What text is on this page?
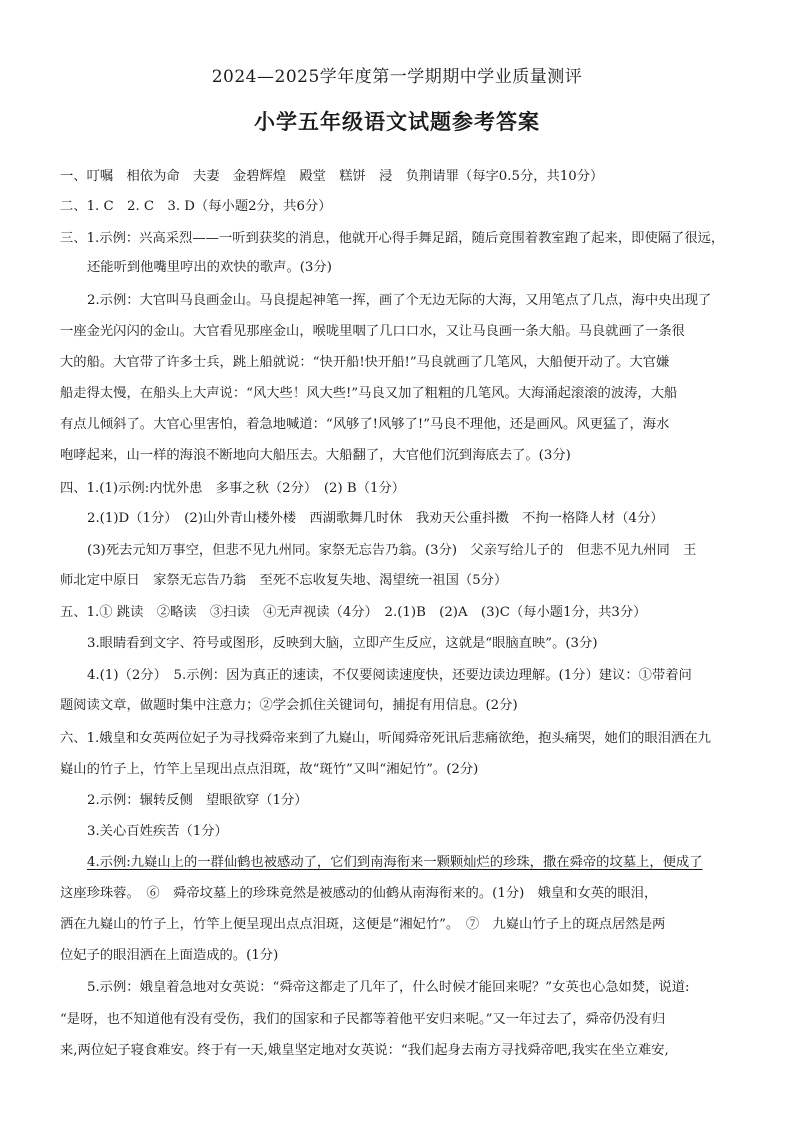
2024—2025学年度第一学期期中学业质量测评
小学五年级语文试题参考答案
一、叮嘱　相依为命　夫妻　金碧辉煌　殿堂　糕饼　浸　负荆请罪（每字0.5分，共10分）
二、1. C　2. C　3. D（每小题2分，共6分）
三、1.示例：兴高采烈——一听到获奖的消息，他就开心得手舞足蹈，随后竟围着教室跑了起来，即使隔了很远，
还能听到他嘴里哼出的欢快的歌声。(3分)
2.示例：大官叫马良画金山。马良提起神笔一挥，画了个无边无际的大海，又用笔点了几点，海中央出现了
一座金光闪闪的金山。大官看见那座金山，喉咙里咽了几口口水，又让马良画一条大船。马良就画了一条很
大的船。大官带了许多士兵，跳上船就说：“快开船!快开船!”马良就画了几笔风，大船便开动了。大官嫌
船走得太慢，在船头上大声说：“风大些！风大些!”马良又加了粗粗的几笔风。大海涌起滚滚的波涛，大船
有点儿倾斜了。大官心里害怕，着急地喊道：“风够了!风够了!”马良不理他，还是画风。风更猛了，海水
咆哮起来，山一样的海浪不断地向大船压去。大船翻了，大官他们沉到海底去了。(3分)
四、1.(1)示例:内忧外患　多事之秋（2分）　(2) B（1分）
2.(1)D（1分）　(2)山外青山楼外楼　西湖歌舞几时休　我劝天公重抖擞　不拘一格降人材（4分）
(3)死去元知万事空，但悲不见九州同。家祭无忘告乃翁。(3分)　父亲写给儿子的　但悲不见九州同　王
师北定中原日　家祭无忘告乃翁　至死不忘收复失地、渴望统一祖国（5分）
五、1.① 跳读　②略读　③扫读　④无声视读（4分）　2.(1)B　(2)A　(3)C（每小题1分，共3分）
3.眼睛看到文字、符号或图形，反映到大脑，立即产生反应，这就是“眼脑直映”。(3分)
4.(1)（2分）　5.示例：因为真正的速读，不仅要阅读速度快，还要边读边理解。(1分）建议：①带着问
题阅读文章，做题时集中注意力；②学会抓住关键词句，捕捉有用信息。(2分)
六、1.娥皇和女英两位妃子为寻找舜帝来到了九嶷山，听闻舜帝死讯后悲痛欲绝，抱头痛哭，她们的眼泪洒在九
嶷山的竹子上，竹竿上呈现出点点泪斑，故“斑竹”又叫“湘妃竹”。(2分)
2.示例：辗转反侧　望眼欲穿（1分）
3.关心百姓疾苦（1分）
4.示例:九嶷山上的一群仙鹤也被感动了，它们到南海衔来一颗颗灿烂的珍珠，撒在舜帝的坟墓上，便成了
这座珍珠蓉。　⑥　舜帝坟墓上的珍珠竟然是被感动的仙鹤从南海衔来的。(1分)　娥皇和女英的眼泪，
洒在九嶷山的竹子上，竹竿上便呈现出点点泪斑，这便是“湘妃竹”。　⑦　九嶷山竹子上的斑点居然是两
位妃子的眼泪洒在上面造成的。(1分)
5.示例：娥皇着急地对女英说：“舜帝这都走了几年了，什么时候才能回来呢？”女英也心急如焚，说道:
“是呀，也不知道他有没有受伤，我们的国家和子民都等着他平安归来呢。”又一年过去了，舜帝仍没有归
来,两位妃子寝食难安。终于有一天,娥皇坚定地对女英说：“我们起身去南方寻找舜帝吧,我实在坐立难安,
